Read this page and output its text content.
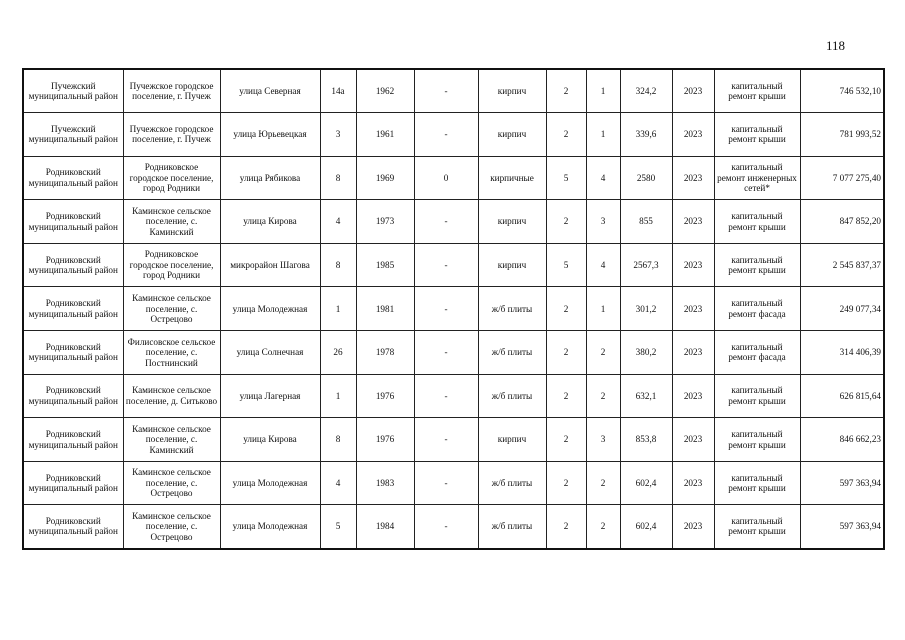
118
Пучежский муниципальный район	Пучежское городское поселение, г. Пучеж	улица Северная	14а	1962	-	кирпич	2	1	324,2	2023	капитальный ремонт крыши	746 532,10
Пучежский муниципальный район	Пучежское городское поселение, г. Пучеж	улица Юрьевецкая	3	1961	-	кирпич	2	1	339,6	2023	капитальный ремонт крыши	781 993,52
Родниковский муниципальный район	Родниковское городское поселение, город Родники	улица Рябикова	8	1969	0	кирпичные	5	4	2580	2023	капитальный ремонт инженерных сетей*	7 077 275,40
Родниковский муниципальный район	Каминское сельское поселение, с. Каминский	улица Кирова	4	1973	-	кирпич	2	3	855	2023	капитальный ремонт крыши	847 852,20
Родниковский муниципальный район	Родниковское городское поселение, город Родники	микрорайон Шагова	8	1985	-	кирпич	5	4	2567,3	2023	капитальный ремонт крыши	2 545 837,37
Родниковский муниципальный район	Каминское сельское поселение, с. Острецово	улица Молодежная	1	1981	-	ж/б плиты	2	1	301,2	2023	капитальный ремонт фасада	249 077,34
Родниковский муниципальный район	Филисовское сельское поселение, с. Постнинский	улица Солнечная	26	1978	-	ж/б плиты	2	2	380,2	2023	капитальный ремонт фасада	314 406,39
Родниковский муниципальный район	Каминское сельское поселение, д. Ситьково	улица Лагерная	1	1976	-	ж/б плиты	2	2	632,1	2023	капитальный ремонт крыши	626 815,64
Родниковский муниципальный район	Каминское сельское поселение, с. Каминский	улица Кирова	8	1976	-	кирпич	2	3	853,8	2023	капитальный ремонт крыши	846 662,23
Родниковский муниципальный район	Каминское сельское поселение, с. Острецово	улица Молодежная	4	1983	-	ж/б плиты	2	2	602,4	2023	капитальный ремонт крыши	597 363,94
Родниковский муниципальный район	Каминское сельское поселение, с. Острецово	улица Молодежная	5	1984	-	ж/б плиты	2	2	602,4	2023	капитальный ремонт крыши	597 363,94
